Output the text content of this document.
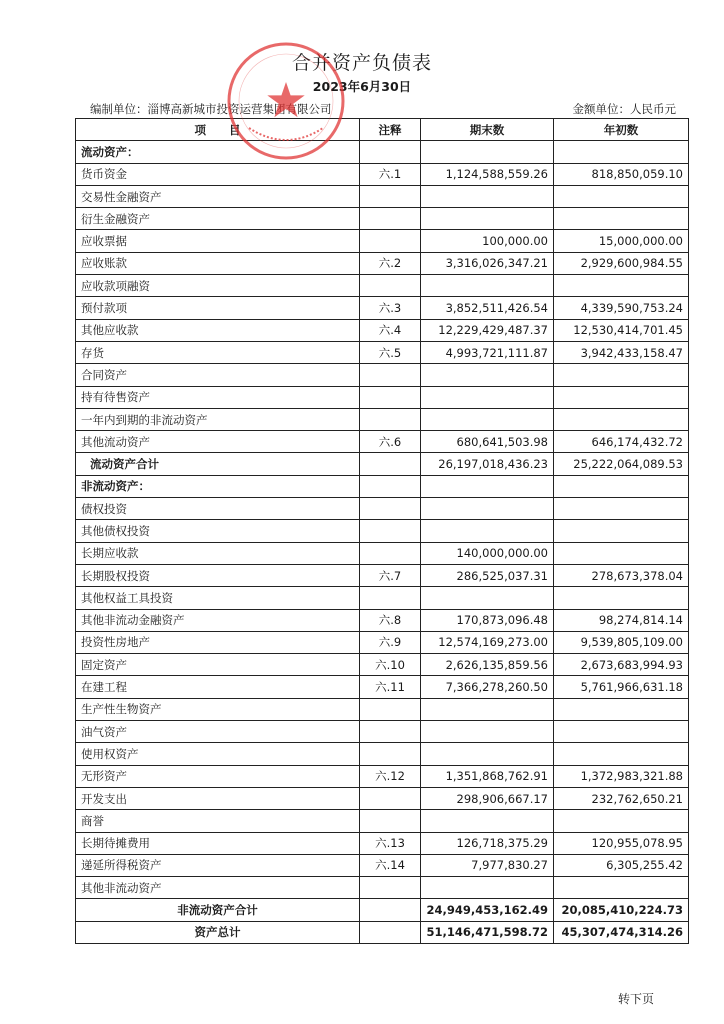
合并资产负债表
2023年6月30日
编制单位：淄博高新城市投资运营集团有限公司	金额单位：人民币元
项　　目	注释	期末数	年初数
流动资产：			
货币资金	六.1	1,124,588,559.26	818,850,059.10
交易性金融资产			
衍生金融资产			
应收票据		100,000.00	15,000,000.00
应收账款	六.2	3,316,026,347.21	2,929,600,984.55
应收款项融资			
预付款项	六.3	3,852,511,426.54	4,339,590,753.24
其他应收款	六.4	12,229,429,487.37	12,530,414,701.45
存货	六.5	4,993,721,111.87	3,942,433,158.47
合同资产			
持有待售资产			
一年内到期的非流动资产			
其他流动资产	六.6	680,641,503.98	646,174,432.72
流动资产合计		26,197,018,436.23	25,222,064,089.53
非流动资产：			
债权投资			
其他债权投资			
长期应收款		140,000,000.00	
长期股权投资	六.7	286,525,037.31	278,673,378.04
其他权益工具投资			
其他非流动金融资产	六.8	170,873,096.48	98,274,814.14
投资性房地产	六.9	12,574,169,273.00	9,539,805,109.00
固定资产	六.10	2,626,135,859.56	2,673,683,994.93
在建工程	六.11	7,366,278,260.50	5,761,966,631.18
生产性生物资产			
油气资产			
使用权资产			
无形资产	六.12	1,351,868,762.91	1,372,983,321.88
开发支出		298,906,667.17	232,762,650.21
商誉			
长期待摊费用	六.13	126,718,375.29	120,955,078.95
递延所得税资产	六.14	7,977,830.27	6,305,255.42
其他非流动资产			
非流动资产合计		24,949,453,162.49	20,085,410,224.73
资产总计		51,146,471,598.72	45,307,474,314.26
转下页
